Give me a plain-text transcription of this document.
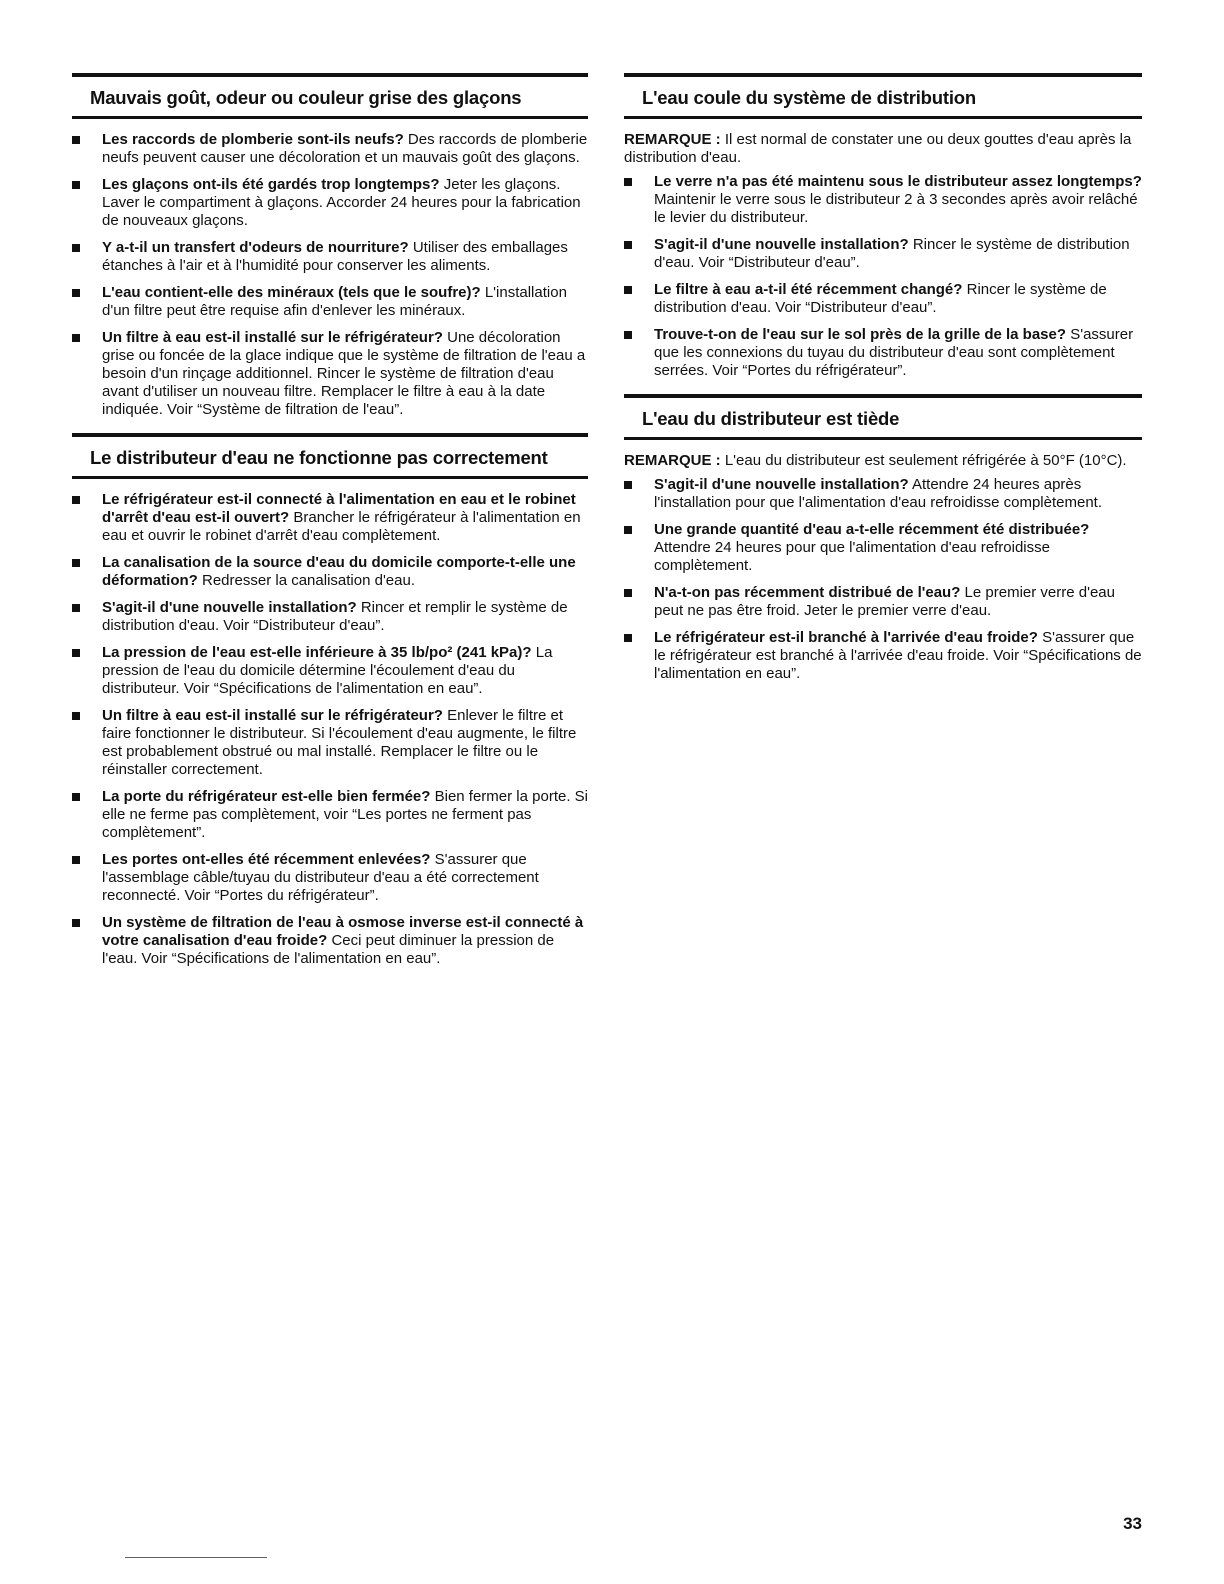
Mauvais goût, odeur ou couleur grise des glaçons
Les raccords de plomberie sont-ils neufs? Des raccords de plomberie neufs peuvent causer une décoloration et un mauvais goût des glaçons.
Les glaçons ont-ils été gardés trop longtemps? Jeter les glaçons. Laver le compartiment à glaçons. Accorder 24 heures pour la fabrication de nouveaux glaçons.
Y a-t-il un transfert d'odeurs de nourriture? Utiliser des emballages étanches à l'air et à l'humidité pour conserver les aliments.
L'eau contient-elle des minéraux (tels que le soufre)? L'installation d'un filtre peut être requise afin d'enlever les minéraux.
Un filtre à eau est-il installé sur le réfrigérateur? Une décoloration grise ou foncée de la glace indique que le système de filtration de l'eau a besoin d'un rinçage additionnel. Rincer le système de filtration d'eau avant d'utiliser un nouveau filtre. Remplacer le filtre à eau à la date indiquée. Voir “Système de filtration de l'eau”.
Le distributeur d'eau ne fonctionne pas correctement
Le réfrigérateur est-il connecté à l'alimentation en eau et le robinet d'arrêt d'eau est-il ouvert? Brancher le réfrigérateur à l'alimentation en eau et ouvrir le robinet d'arrêt d'eau complètement.
La canalisation de la source d'eau du domicile comporte-t-elle une déformation? Redresser la canalisation d'eau.
S'agit-il d'une nouvelle installation? Rincer et remplir le système de distribution d'eau. Voir “Distributeur d'eau”.
La pression de l'eau est-elle inférieure à 35 lb/po² (241 kPa)? La pression de l'eau du domicile détermine l'écoulement d'eau du distributeur. Voir “Spécifications de l'alimentation en eau”.
Un filtre à eau est-il installé sur le réfrigérateur? Enlever le filtre et faire fonctionner le distributeur. Si l'écoulement d'eau augmente, le filtre est probablement obstrué ou mal installé. Remplacer le filtre ou le réinstaller correctement.
La porte du réfrigérateur est-elle bien fermée? Bien fermer la porte. Si elle ne ferme pas complètement, voir “Les portes ne ferment pas complètement”.
Les portes ont-elles été récemment enlevées? S'assurer que l'assemblage câble/tuyau du distributeur d'eau a été correctement reconnecté. Voir “Portes du réfrigérateur”.
Un système de filtration de l'eau à osmose inverse est-il connecté à votre canalisation d'eau froide? Ceci peut diminuer la pression de l'eau. Voir “Spécifications de l'alimentation en eau”.
L'eau coule du système de distribution

REMARQUE : Il est normal de constater une ou deux gouttes d'eau après la distribution d'eau.

Le verre n'a pas été maintenu sous le distributeur assez longtemps? Maintenir le verre sous le distributeur 2 à 3 secondes après avoir relâché le levier du distributeur.
S'agit-il d'une nouvelle installation? Rincer le système de distribution d'eau. Voir “Distributeur d'eau”.
Le filtre à eau a-t-il été récemment changé? Rincer le système de distribution d'eau. Voir “Distributeur d'eau”.
Trouve-t-on de l'eau sur le sol près de la grille de la base? S'assurer que les connexions du tuyau du distributeur d'eau sont complètement serrées. Voir “Portes du réfrigérateur”.
L'eau du distributeur est tiède

REMARQUE : L'eau du distributeur est seulement réfrigérée à 50°F (10°C).

S'agit-il d'une nouvelle installation? Attendre 24 heures après l'installation pour que l'alimentation d'eau refroidisse complètement.
Une grande quantité d'eau a-t-elle récemment été distribuée? Attendre 24 heures pour que l'alimentation d'eau refroidisse complètement.
N'a-t-on pas récemment distribué de l'eau? Le premier verre d'eau peut ne pas être froid. Jeter le premier verre d'eau.
Le réfrigérateur est-il branché à l'arrivée d'eau froide? S'assurer que le réfrigérateur est branché à l'arrivée d'eau froide. Voir “Spécifications de l'alimentation en eau”.
33
